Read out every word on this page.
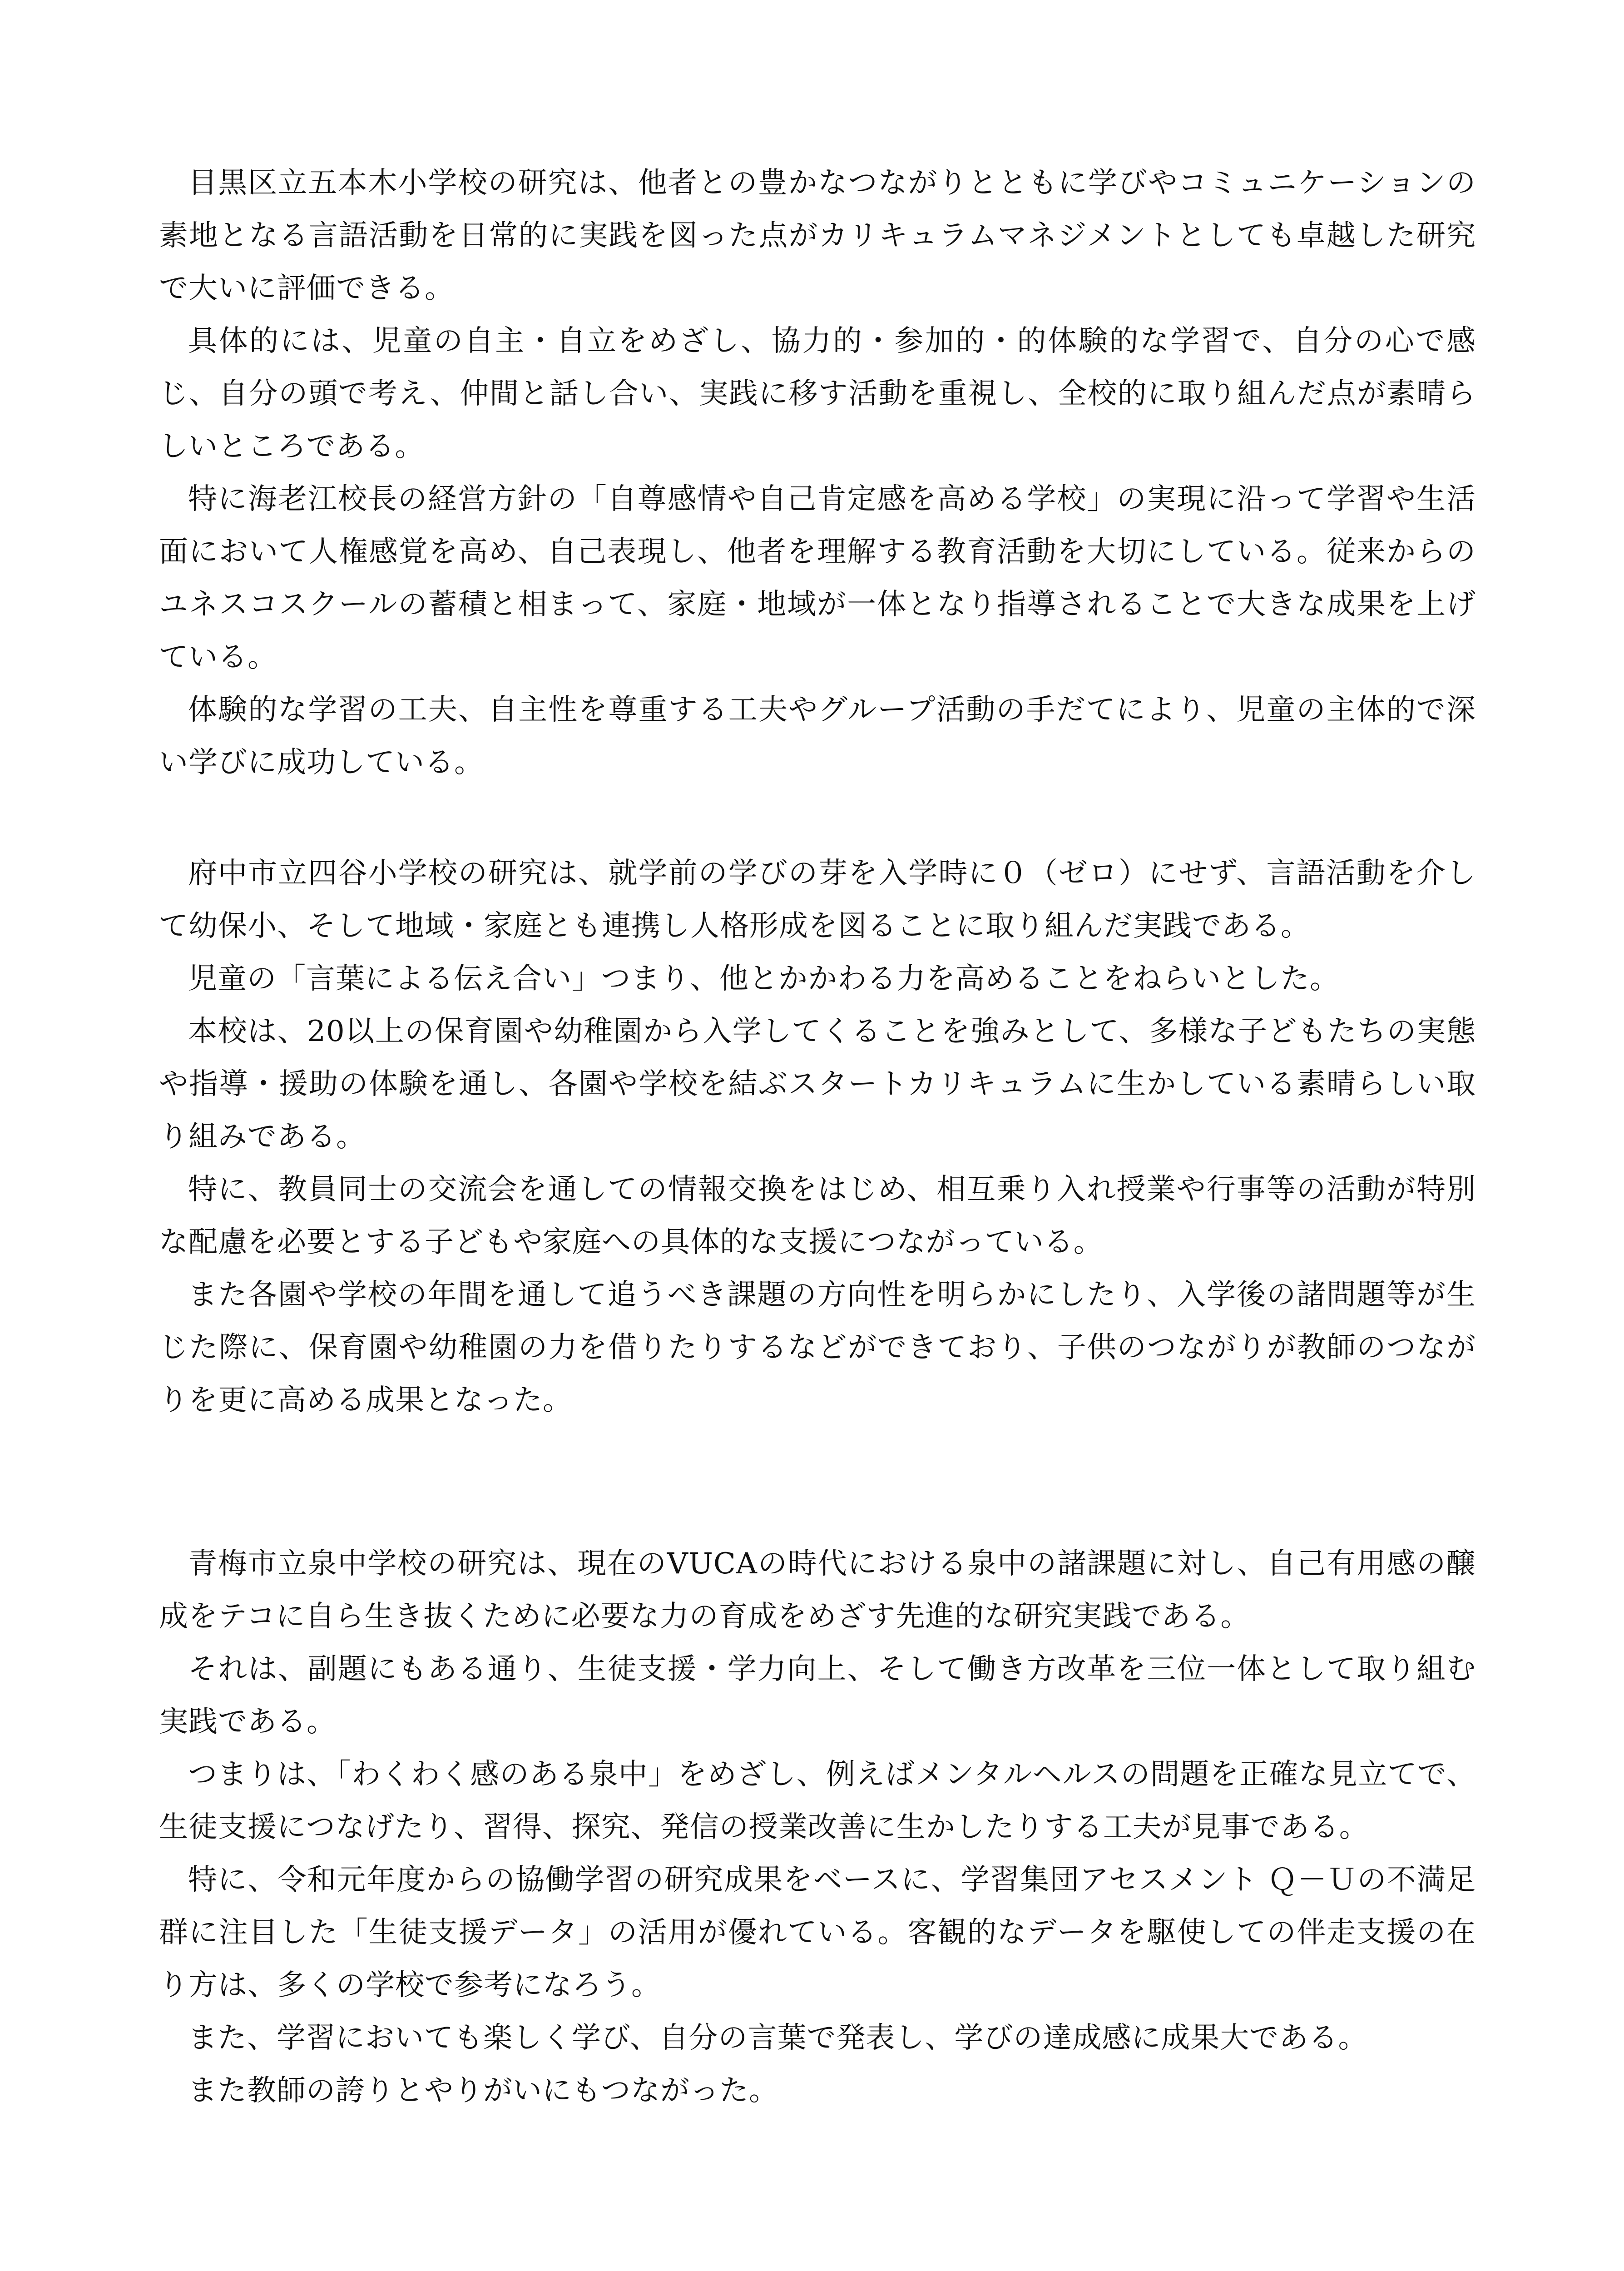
目黒区立五本木小学校の研究は、他者との豊かなつながりとともに学びやコミュニケーションの素地となる言語活動を日常的に実践を図った点がカリキュラムマネジメントとしても卓越した研究で大いに評価できる。

具体的には、児童の自主・自立をめざし、協力的・参加的・的体験的な学習で、自分の心で感じ、自分の頭で考え、仲間と話し合い、実践に移す活動を重視し、全校的に取り組んだ点が素晴らしいところである。

特に海老江校長の経営方針の「自尊感情や自己肯定感を高める学校」の実現に沿って学習や生活面において人権感覚を高め、自己表現し、他者を理解する教育活動を大切にしている。従来からのユネスコスクールの蓄積と相まって、家庭・地域が一体となり指導されることで大きな成果を上げている。

体験的な学習の工夫、自主性を尊重する工夫やグループ活動の手だてにより、児童の主体的で深い学びに成功している。

府中市立四谷小学校の研究は、就学前の学びの芽を入学時に０（ゼロ）にせず、言語活動を介して幼保小、そして地域・家庭とも連携し人格形成を図ることに取り組んだ実践である。

児童の「言葉による伝え合い」つまり、他とかかわる力を高めることをねらいとした。

本校は、20以上の保育園や幼稚園から入学してくることを強みとして、多様な子どもたちの実態や指導・援助の体験を通し、各園や学校を結ぶスタートカリキュラムに生かしている素晴らしい取り組みである。

特に、教員同士の交流会を通しての情報交換をはじめ、相互乗り入れ授業や行事等の活動が特別な配慮を必要とする子どもや家庭への具体的な支援につながっている。

また各園や学校の年間を通して追うべき課題の方向性を明らかにしたり、入学後の諸問題等が生じた際に、保育園や幼稚園の力を借りたりするなどができており、子供のつながりが教師のつながりを更に高める成果となった。

青梅市立泉中学校の研究は、現在のVUCAの時代における泉中の諸課題に対し、自己有用感の醸成をテコに自ら生き抜くために必要な力の育成をめざす先進的な研究実践である。

それは、副題にもある通り、生徒支援・学力向上、そして働き方改革を三位一体として取り組む実践である。

つまりは、「わくわく感のある泉中」をめざし、例えばメンタルヘルスの問題を正確な見立てで、生徒支援につなげたり、習得、探究、発信の授業改善に生かしたりする工夫が見事である。

特に、令和元年度からの協働学習の研究成果をベースに、学習集団アセスメント Ｑ－Ｕの不満足群に注目した「生徒支援データ」の活用が優れている。客観的なデータを駆使しての伴走支援の在り方は、多くの学校で参考になろう。

また、学習においても楽しく学び、自分の言葉で発表し、学びの達成感に成果大である。

また教師の誇りとやりがいにもつながった。
